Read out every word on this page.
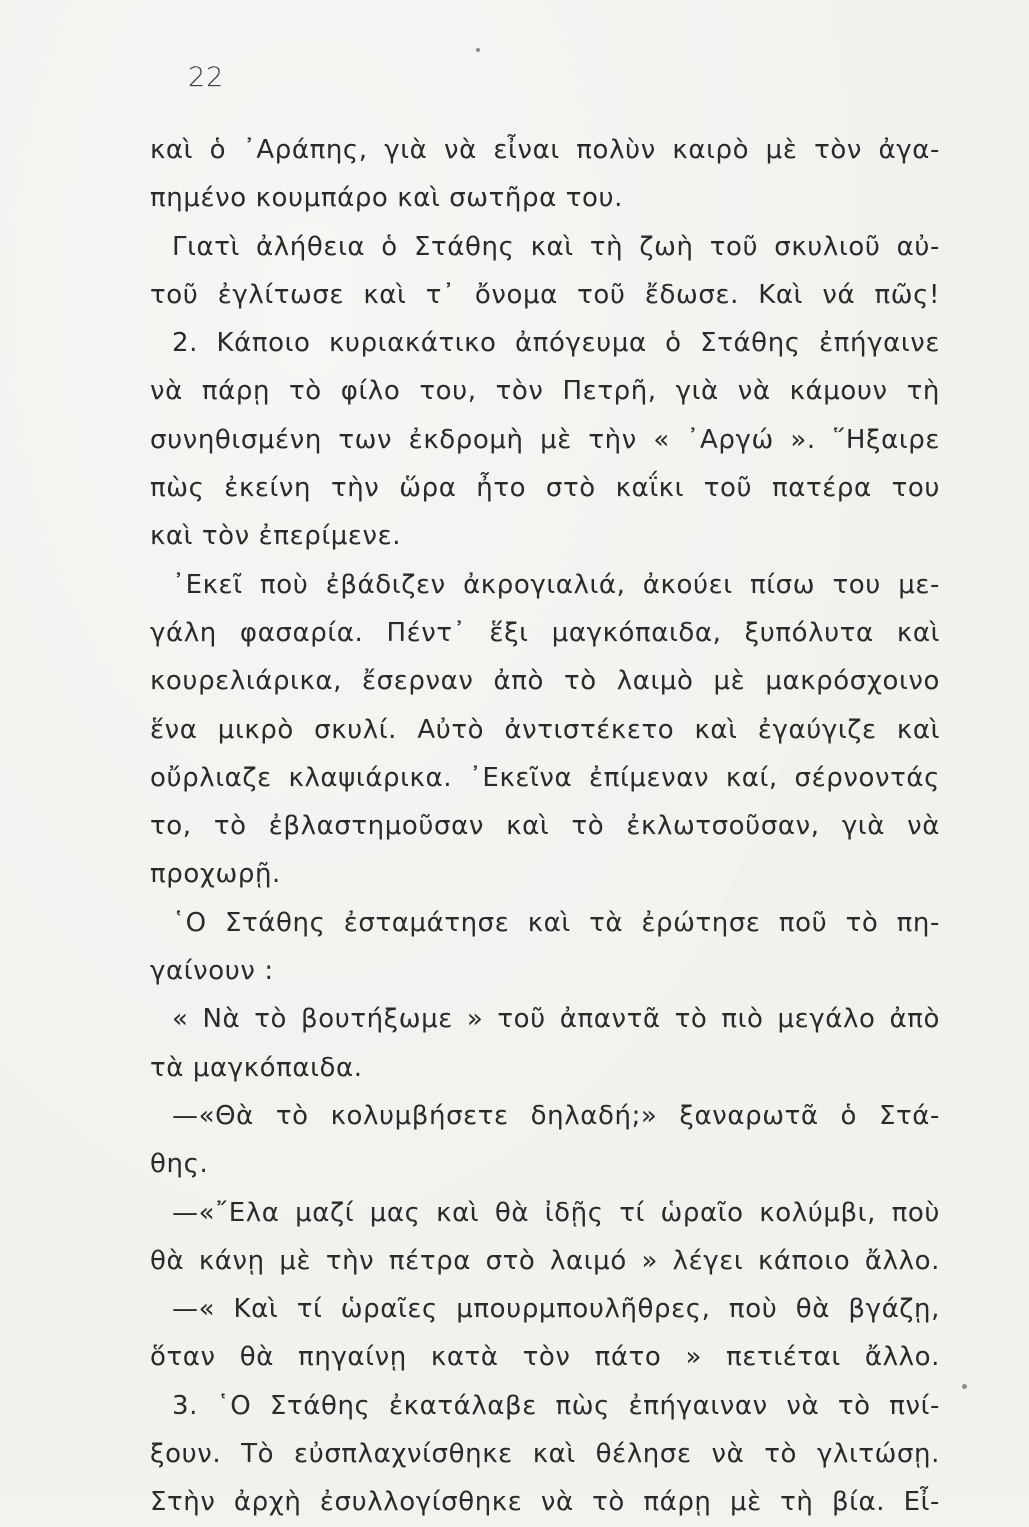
22
καὶ ὁ ᾿Αράπης, γιὰ νὰ εἶναι πολὺν καιρὸ μὲ τὸν ἀγα-
πημένο κουμπάρο καὶ σωτῆρα του.
Γιατὶ ἀλήθεια ὁ Στάθης καὶ τὴ ζωὴ τοῦ σκυλιοῦ αὐ-
τοῦ ἐγλίτωσε καὶ τ᾿ ὄνομα τοῦ ἔδωσε. Καὶ νά πῶς!
2. Κάποιο κυριακάτικο ἀπόγευμα ὁ Στάθης ἐπήγαινε
νὰ πάρῃ τὸ φίλο του, τὸν Πετρῆ, γιὰ νὰ κάμουν τὴ
συνηθισμένη των ἐκδρομὴ μὲ τὴν « ᾿Αργώ ». ῞Ηξαιρε
πὼς ἐκείνη τὴν ὥρα ἦτο στὸ καΐκι τοῦ πατέρα του
καὶ τὸν ἐπερίμενε.
᾿Εκεῖ ποὺ ἐβάδιζεν ἀκρογιαλιά, ἀκούει πίσω του με-
γάλη φασαρία. Πέντ᾿ ἕξι μαγκόπαιδα, ξυπόλυτα καὶ
κουρελιάρικα, ἔσερναν ἀπὸ τὸ λαιμὸ μὲ μακρόσχοινο
ἕνα μικρὸ σκυλί. Αὐτὸ ἀντιστέκετο καὶ ἐγαύγιζε καὶ
οὔρλιαζε κλαψιάρικα. ᾿Εκεῖνα ἐπίμεναν καί, σέρνοντάς
το, τὸ ἐβλαστημοῦσαν καὶ τὸ ἐκλωτσοῦσαν, γιὰ νὰ
προχωρῇ.
῾Ο Στάθης ἐσταμάτησε καὶ τὰ ἐρώτησε ποῦ τὸ πη-
γαίνουν :
« Νὰ τὸ βουτήξωμε » τοῦ ἀπαντᾶ τὸ πιὸ μεγάλο ἀπὸ
τὰ μαγκόπαιδα.
—«Θὰ τὸ κολυμβήσετε δηλαδή;» ξαναρωτᾶ ὁ Στά-
θης.
—«῎Ελα μαζί μας καὶ θὰ ἰδῇς τί ὡραῖο κολύμβι, ποὺ
θὰ κάνῃ μὲ τὴν πέτρα στὸ λαιμό » λέγει κάποιο ἄλλο.
—« Καὶ τί ὡραῖες μπουρμπουλῆθρες, ποὺ θὰ βγάζῃ,
ὅταν θὰ πηγαίνῃ κατὰ τὸν πάτο » πετιέται ἄλλο.
3. ῾Ο Στάθης ἐκατάλαβε πὼς ἐπήγαιναν νὰ τὸ πνί-
ξουν. Τὸ εὐσπλαχνίσθηκε καὶ θέλησε νὰ τὸ γλιτώσῃ.
Στὴν ἀρχὴ ἐσυλλογίσθηκε νὰ τὸ πάρῃ μὲ τὴ βία. Εἶ-
